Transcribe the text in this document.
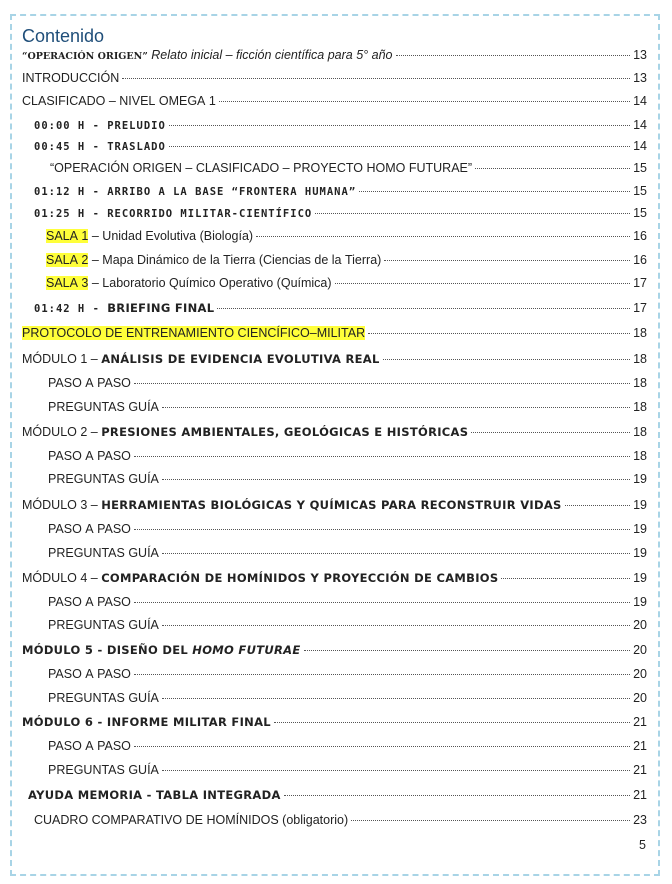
Contenido
“OPERACIÓN ORIGEN” Relato inicial – ficción científica para 5° año	13
INTRODUCCIÓN	13
CLASIFICADO – NIVEL OMEGA 1	14
00:00 H - PRELUDIO	14
00:45 H - TRASLADO	14
“OPERACIÓN ORIGEN – CLASIFICADO – PROYECTO HOMO FUTURAE”	15
01:12 H - ARRIBO A LA BASE “FRONTERA HUMANA”	15
01:25 H - RECORRIDO MILITAR-CIENTÍFICO	15
SALA 1 – Unidad Evolutiva (Biología)	16
SALA 2 – Mapa Dinámico de la Tierra (Ciencias de la Tierra)	16
SALA 3 – Laboratorio Químico Operativo (Química)	17
01:42 H - BRIEFING FINAL	17
PROTOCOLO DE ENTRENAMIENTO CIENCÍFICO–MILITAR	18
MÓDULO 1 – ANÁLISIS DE EVIDENCIA EVOLUTIVA REAL	18
PASO A PASO	18
PREGUNTAS GUÍA	18
MÓDULO 2 – PRESIONES AMBIENTALES, GEOLÓGICAS E HISTÓRICAS	18
PASO A PASO	18
PREGUNTAS GUÍA	19
MÓDULO 3 – HERRAMIENTAS BIOLÓGICAS Y QUÍMICAS PARA RECONSTRUIR VIDAS	19
PASO A PASO	19
PREGUNTAS GUÍA	19
MÓDULO 4 – COMPARACIÓN DE HOMÍNIDOS Y PROYECCIÓN DE CAMBIOS	19
PASO A PASO	19
PREGUNTAS GUÍA	20
MÓDULO 5 - DISEÑO DEL HOMO FUTURAE	20
PASO A PASO	20
PREGUNTAS GUÍA	20
MÓDULO 6 - INFORME MILITAR FINAL	21
PASO A PASO	21
PREGUNTAS GUÍA	21
AYUDA MEMORIA - TABLA INTEGRADA	21
CUADRO COMPARATIVO DE HOMÍNIDOS (obligatorio)	23
5
